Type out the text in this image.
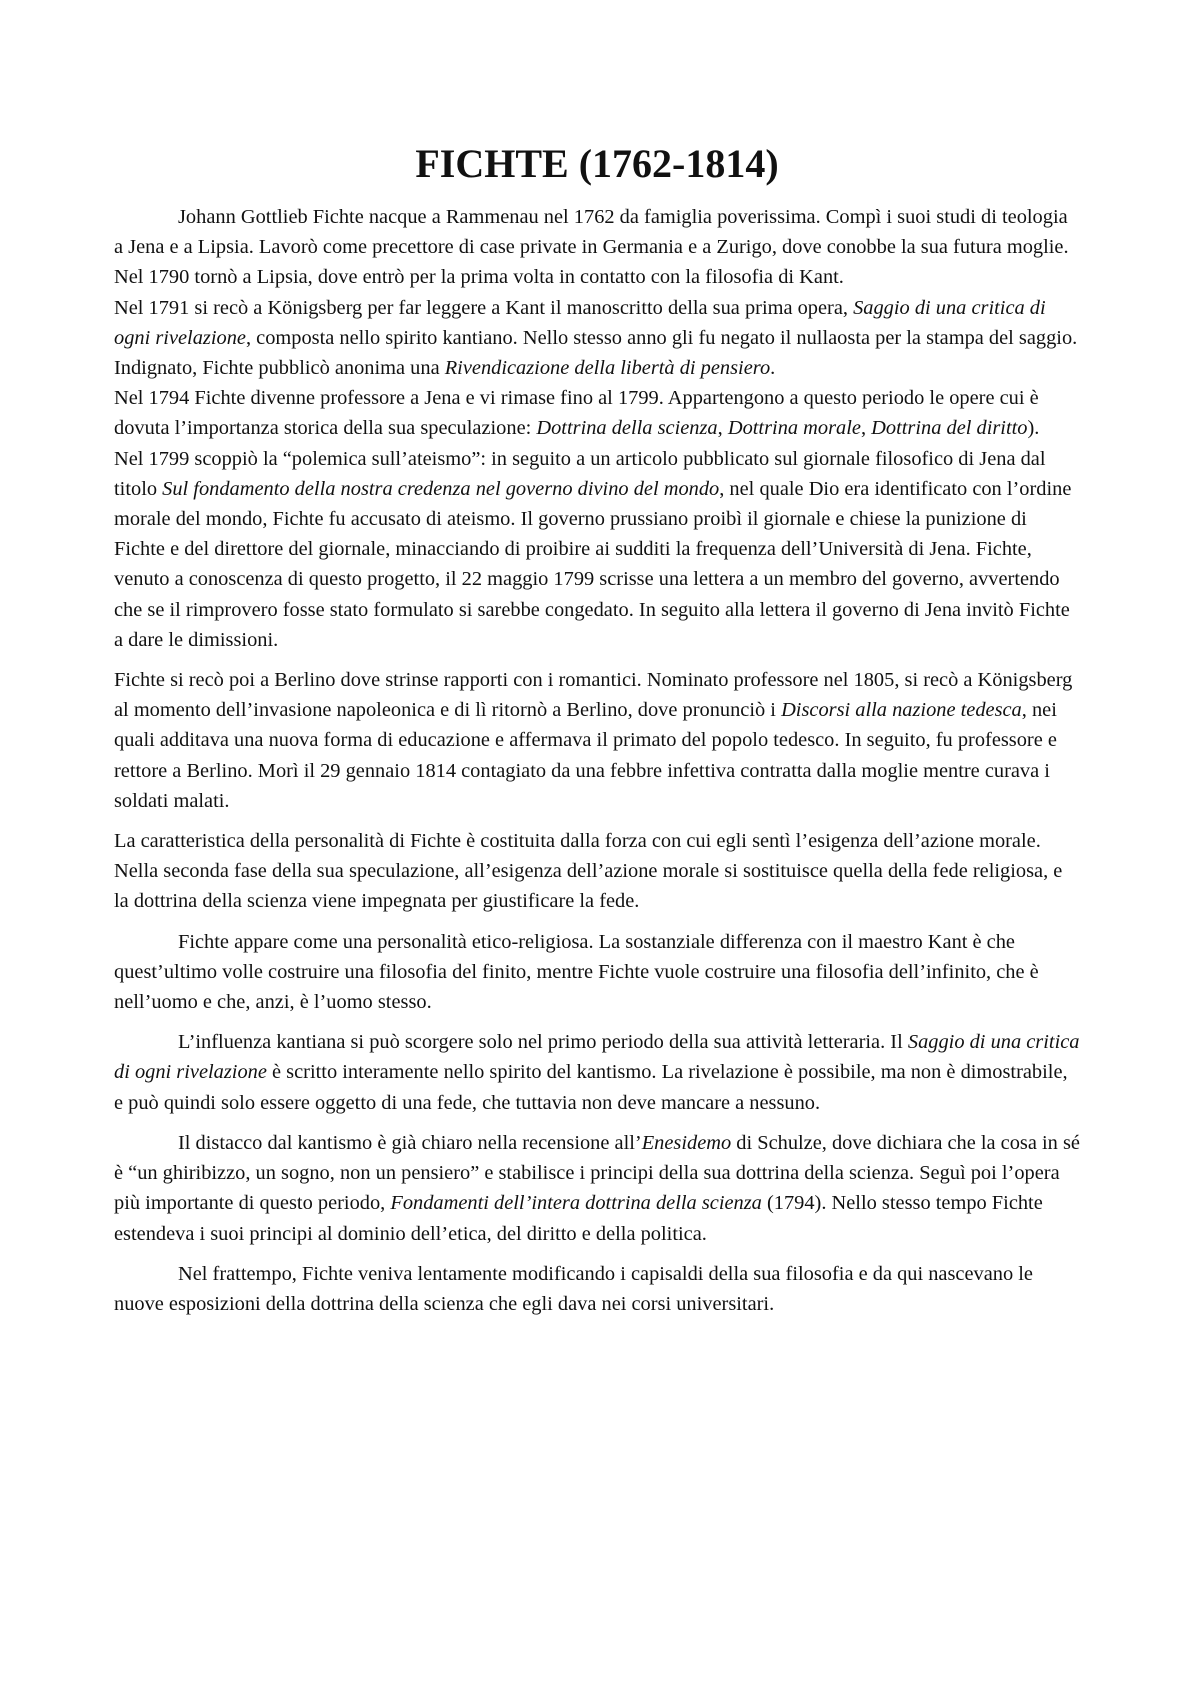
FICHTE (1762-1814)

Johann Gottlieb Fichte nacque a Rammenau nel 1762 da famiglia poverissima. Compì i suoi studi di teologia a Jena e a Lipsia. Lavorò come precettore di case private in Germania e a Zurigo, dove conobbe la sua futura moglie.

Nel 1790 tornò a Lipsia, dove entrò per la prima volta in contatto con la filosofia di Kant.

Nel 1791 si recò a Königsberg per far leggere a Kant il manoscritto della sua prima opera, Saggio di una critica di ogni rivelazione, composta nello spirito kantiano. Nello stesso anno gli fu negato il nullaosta per la stampa del saggio. Indignato, Fichte pubblicò anonima una Rivendicazione della libertà di pensiero.

Nel 1794 Fichte divenne professore a Jena e vi rimase fino al 1799. Appartengono a questo periodo le opere cui è dovuta l’importanza storica della sua speculazione: Dottrina della scienza, Dottrina morale, Dottrina del diritto).

Nel 1799 scoppiò la “polemica sull’ateismo”: in seguito a un articolo pubblicato sul giornale filosofico di Jena dal titolo Sul fondamento della nostra credenza nel governo divino del mondo, nel quale Dio era identificato con l’ordine morale del mondo, Fichte fu accusato di ateismo. Il governo prussiano proibì il giornale e chiese la punizione di Fichte e del direttore del giornale, minacciando di proibire ai sudditi la frequenza dell’Università di Jena. Fichte, venuto a conoscenza di questo progetto, il 22 maggio 1799 scrisse una lettera a un membro del governo, avvertendo che se il rimprovero fosse stato formulato si sarebbe congedato. In seguito alla lettera il governo di Jena invitò Fichte a dare le dimissioni.

Fichte si recò poi a Berlino dove strinse rapporti con i romantici. Nominato professore nel 1805, si recò a Königsberg al momento dell’invasione napoleonica e di lì ritornò a Berlino, dove pronunciò i Discorsi alla nazione tedesca, nei quali additava una nuova forma di educazione e affermava il primato del popolo tedesco. In seguito, fu professore e rettore a Berlino. Morì il 29 gennaio 1814 contagiato da una febbre infettiva contratta dalla moglie mentre curava i soldati malati.

La caratteristica della personalità di Fichte è costituita dalla forza con cui egli sentì l’esigenza dell’azione morale. Nella seconda fase della sua speculazione, all’esigenza dell’azione morale si sostituisce quella della fede religiosa, e la dottrina della scienza viene impegnata per giustificare la fede.

Fichte appare come una personalità etico-religiosa. La sostanziale differenza con il maestro Kant è che quest’ultimo volle costruire una filosofia del finito, mentre Fichte vuole costruire una filosofia dell’infinito, che è nell’uomo e che, anzi, è l’uomo stesso.

L’influenza kantiana si può scorgere solo nel primo periodo della sua attività letteraria. Il Saggio di una critica di ogni rivelazione è scritto interamente nello spirito del kantismo. La rivelazione è possibile, ma non è dimostrabile, e può quindi solo essere oggetto di una fede, che tuttavia non deve mancare a nessuno.

Il distacco dal kantismo è già chiaro nella recensione all’Enesidemo di Schulze, dove dichiara che la cosa in sé è “un ghiribizzo, un sogno, non un pensiero” e stabilisce i principi della sua dottrina della scienza. Seguì poi l’opera più importante di questo periodo, Fondamenti dell’intera dottrina della scienza (1794). Nello stesso tempo Fichte estendeva i suoi principi al dominio dell’etica, del diritto e della politica.

Nel frattempo, Fichte veniva lentamente modificando i capisaldi della sua filosofia e da qui nascevano le nuove esposizioni della dottrina della scienza che egli dava nei corsi universitari.
